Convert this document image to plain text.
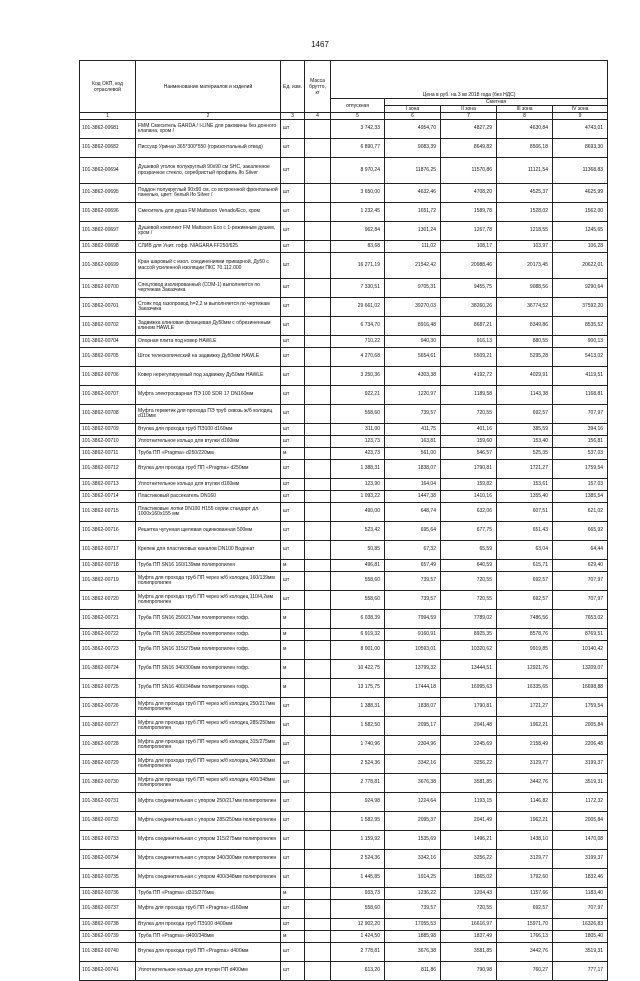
1467
Код ОКП, код отраслевой	Наименование материалов и изделий	Ед. изм.	Масса брутто, кг	Цена в руб. на 3 кв 2018 года (без НДС)				
				отпускная	Сметная			
					I зона	II зона	III зона	IV зона
1	2	3	4	5	6	7	8	9
101-3862-00681	FMM Смеситель GARDA / I-LINE для раковины без донного клапана, хром /	шт		3 742,33	4954,70	4827,29	4630,84	4743,01
101-3862-00682	Писсуар Уринал 365*300*550 (горизонтальный отвод)	шт		6 890,77	9083,39	8649,82	8506,18	8693,30
101-3862-00694	Душевой уголок полукруглый 90x90 см SHC, закаленное прозрачное стекло, серебристый профиль Ifo Silver	шт		8 970,24	11876,25	11570,86	11121,54	11368,83
101-3862-00695	Поддон полукруглый 90x90 см, со встроенной фронтальной панелью, цвет: белый Ifo Silver /	шт		3 650,00	4632,46	4708,20	4525,37	4625,99
101-3862-00696	Смеситель для душа FM Mattsson Venado/Eco, хром	шт		1 232,45	1651,72	1589,78	1528,02	1562,00
101-3862-00697	Душевой комплект FM Mattsson Eco с 1-режимным душем, хром /	шт		962,84	1301,24	1267,78	1218,55	1245,65
101-3862-00698	СЛИВ для Унит. гофр. NIAGARA FF250/625	шт		83,68	111,02	108,17	103,97	106,28
101-3862-00699	Кран шаровый с изол. соединениями приварной, Ду50 с массой усиленной изоляции ПКС 70.112.000	шт		16 271,19	21542,42	20988,46	20173,45	20622,01
101-3862-00700	Спецтовод изолированный (СОМ-1) выполняется по чертежам Заказчика	шт		7 330,51	9705,31	9455,75	9088,56	9290,64
101-3862-00701	Стояк под газопровод h=2,2 м выполняется по чертежам Заказчика	шт		29 661,02	39270,03	38260,26	36774,52	37592,20
101-3862-00702	Задвижка клиновая фланцевая Ду50мм с обрезиненным клином HAWLE	шт		6 734,70	8916,48	8687,21	8349,86	8535,52
101-3862-00704	Опорная плита под ковер HAWLE	шт		710,22	940,30	916,13	880,55	900,13
101-3862-00705	Шток телескопический на задвижку Ду50мм HAWLE	шт		4 270,68	5654,61	5509,21	5295,28	5413,02
101-3862-00706	Ковер нерегулируемый под задвижку Ду50мм HAWLE	шт		3 250,36	4303,38	4192,72	4029,91	4119,51
101-3862-00707	Муфта электросварная ПЭ 100 SDR 17 DN160мм	шт		922,21	1220,97	1189,58	1143,38	1168,81
101-3862-00708	Муфта герметик для прохода ПЭ труб сквозь ж/б колодец d110мм	шт		558,60	739,57	720,55	692,57	707,97
101-3862-00709	Втулка для прохода труб ПЭ100 d160мм	шт		311,00	411,75	401,16	385,59	394,16
101-3862-00710	Уплотнительное кольцо для втулки d160мм	шт		123,73	163,81	159,60	153,40	156,81
101-3862-00711	Труба ПП «Pragma» d250/220мм	м		423,73	561,00	546,57	525,35	537,03
101-3862-00712	Втулка для прохода труб ПП «Pragma» d250мм	шт		1 388,31	1838,07	1790,81	1721,27	1759,54
101-3862-00713	Уплотнительное кольцо для втулки d160мм	шт		123,90	164,04	159,82	153,61	157,03
101-3862-00714	Пластиковый рассекатель DN160	шт		1 093,22	1447,38	1410,16	1355,40	1385,54
101-3862-00715	Пластиковые лотки DN100 Н155 серии стандарт дл. 1000х160х155 мм	шт		490,00	648,74	632,06	607,51	621,02
101-3862-00716	Решетка чугунная щелевая оцинкованная 500мм	шт		523,42	695,64	677,75	651,43	665,92
101-3862-00717	Крепеж для пластиковых каналов DN100 Водонат	шт		50,85	67,32	65,59	63,04	64,44
101-3862-00718	Труба ПП SN16 160/139мм полипропилен	м		496,81	657,49	640,59	615,71	629,40
101-3862-00719	Муфта для прохода труб ПП через ж/б колодец 160/139мм полипропилен	шт		558,60	739,57	720,55	692,57	707,97
101-3862-00720	Муфта для прохода труб ПП через ж/б колодец 110/4,2мм полипропилен	шт		558,60	739,57	720,55	692,57	707,97
101-3862-00721	Труба ПП SN16 250/217мм полипропилен гофр.	м		6 038,39	7994,59	7789,02	7486,56	7653,02
101-3862-00722	Труба ПП SN16 285/250мм полипропилен гофр.	м		6 919,32	9160,91	8925,35	8578,76	8769,51
101-3862-00723	Труба ПП SN16 315/275мм полипропилен гофр.	м		8 001,00	10593,01	10320,62	9919,85	10140,42
101-3862-00724	Труба ПП SN16 340/300мм полипропилен гофр.	м		10 422,75	13799,32	13444,51	12921,76	13209,07
101-3862-00725	Труба ПП SN16 400/348мм полипропилен гофр.	м		13 175,75	17444,18	16995,63	16335,65	16698,88
101-3862-00726	Муфта для прохода труб ПП через ж/б колодец 250/217мм полипропилен	шт		1 388,31	1838,07	1790,81	1721,27	1759,54
101-3862-00727	Муфта для прохода труб ПП через ж/б колодец 285/250мм полипропилен	шт		1 582,50	2095,17	2041,48	1962,21	2005,84
101-3862-00728	Муфта для прохода труб ПП через ж/б колодец 315/275мм полипропилен	шт		1 740,96	2304,96	2245,69	2158,49	2206,48
101-3862-00729	Муфта для прохода труб ПП через ж/б колодец 340/300мм полипропилен	шт		2 524,36	3342,16	3256,22	3129,77	3199,37
101-3862-00730	Муфта для прохода труб ПП через ж/б колодец 400/348мм полипропилен	шт		2 778,81	3676,38	3581,85	3442,76	3519,31
101-3862-00731	Муфта соединительная с упором 250/217мм полипропилен	шт		924,98	1224,64	1193,15	1146,82	1172,32
101-3862-00732	Муфта соединительная с упором 285/250мм полипропилен	шт		1 582,95	2095,37	2041,49	1962,21	2005,84
101-3862-00733	Муфта соединительная с упором 315/275мм полипропилен	шт		1 159,92	1535,69	1496,21	1438,10	1470,08
101-3862-00734	Муфта соединительная с упором 340/300мм полипропилен	шт		2 524,36	3342,16	3256,22	3129,77	3199,37
101-3862-00735	Муфта соединительная с упором 400/348мм полипропилен	шт		1 445,85	1914,25	1865,02	1792,60	1832,46
101-3862-00736	Труба ПП «Pragma» d315/276мм	м		933,73	1236,22	1204,43	1157,66	1183,40
101-3862-00737	Муфта для прохода труб ПП «Pragma» d160мм	шт		558,60	739,57	720,55	692,57	707,97
101-3862-00738	Втулка для прохода труб ПЭ100 d400мм	шт		12 902,20	17055,53	16616,97	15971,70	16326,83
101-3862-00739	Труба ПП «Pragma» d400/348мм	м		1 424,50	1885,98	1837,49	1766,13	1805,40
101-3862-00740	Втулка для прохода труб ПП «Pragma» d400мм	шт		2 778,81	3676,38	3581,85	3442,76	3519,31
101-3862-00741	Уплотнительное кольцо для втулки ПП d400мм	шт		613,20	811,86	790,98	760,27	777,17
